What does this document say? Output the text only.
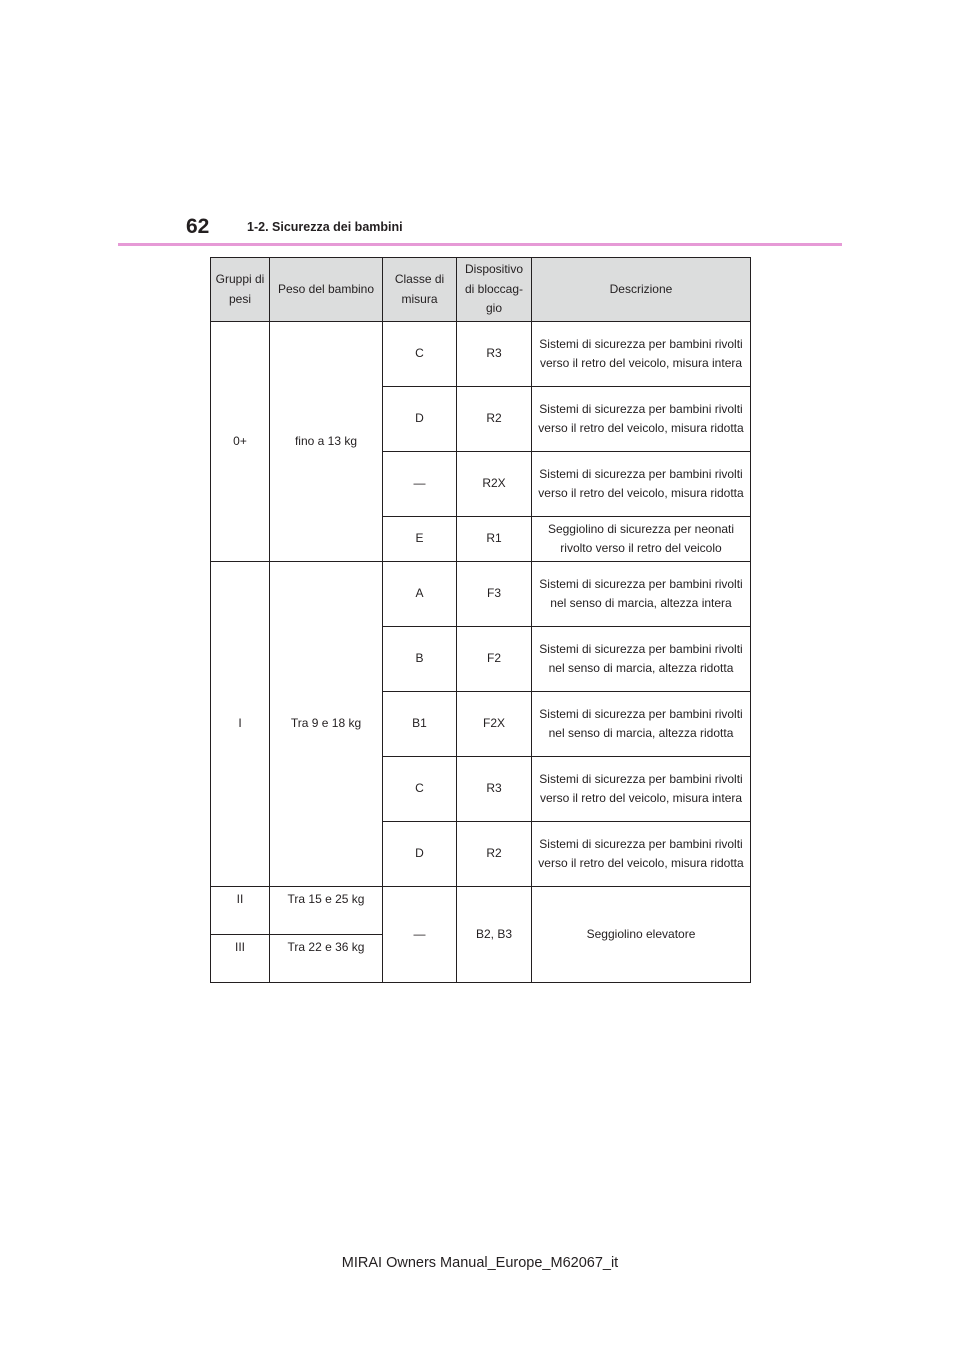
62	1-2. Sicurezza dei bambini
Gruppi di pesi	Peso del bambino	Classe di misura	Dispositivo di bloccaggio	Descrizione
0+	fino a 13 kg	C	R3	Sistemi di sicurezza per bambini rivolti verso il retro del veicolo, misura intera
		D	R2	Sistemi di sicurezza per bambini rivolti verso il retro del veicolo, misura ridotta
		—	R2X	Sistemi di sicurezza per bambini rivolti verso il retro del veicolo, misura ridotta
		E	R1	Seggiolino di sicurezza per neonati rivolto verso il retro del veicolo
I	Tra 9 e 18 kg	A	F3	Sistemi di sicurezza per bambini rivolti nel senso di marcia, altezza intera
		B	F2	Sistemi di sicurezza per bambini rivolti nel senso di marcia, altezza ridotta
		B1	F2X	Sistemi di sicurezza per bambini rivolti nel senso di marcia, altezza ridotta
		C	R3	Sistemi di sicurezza per bambini rivolti verso il retro del veicolo, misura intera
		D	R2	Sistemi di sicurezza per bambini rivolti verso il retro del veicolo, misura ridotta
II	Tra 15 e 25 kg	—	B2, B3	Seggiolino elevatore
III	Tra 22 e 36 kg			
MIRAI Owners Manual_Europe_M62067_it
